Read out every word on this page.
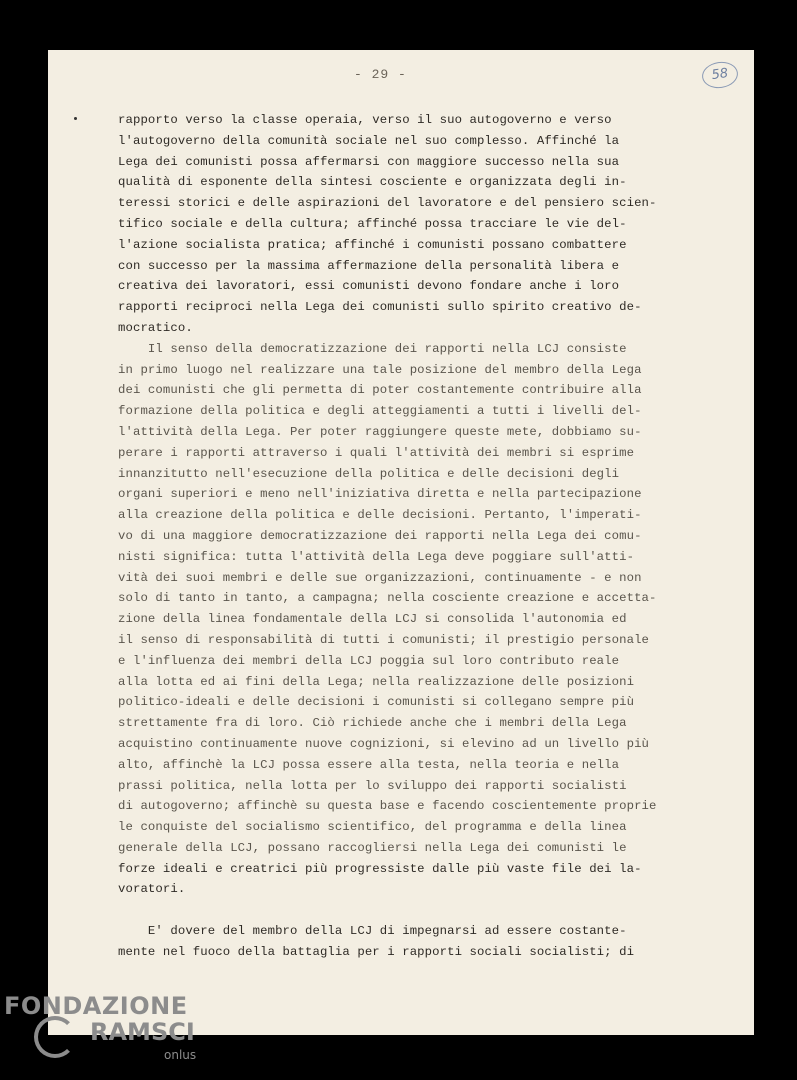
- 29 -	58
rapporto verso la classe operaia, verso il suo autogoverno e verso
l'autogoverno della comunità sociale nel suo complesso. Affinché la
Lega dei comunisti possa affermarsi con maggiore successo nella sua
qualità di esponente della sintesi cosciente e organizzata degli in-
teressi storici e delle aspirazioni del lavoratore e del pensiero scien-
tifico sociale e della cultura; affinché possa tracciare le vie del-
l'azione socialista pratica; affinché i comunisti possano combattere
con successo per la massima affermazione della personalità libera e
creativa dei lavoratori, essi comunisti devono fondare anche i loro
rapporti reciproci nella Lega dei comunisti sullo spirito creativo de-
mocratico.
Il senso della democratizzazione dei rapporti nella LCJ consiste
in primo luogo nel realizzare una tale posizione del membro della Lega
dei comunisti che gli permetta di poter costantemente contribuire alla
formazione della politica e degli atteggiamenti a tutti i livelli del-
l'attività della Lega. Per poter raggiungere queste mete, dobbiamo su-
perare i rapporti attraverso i quali l'attività dei membri si esprime
innanzitutto nell'esecuzione della politica e delle decisioni degli
organi superiori e meno nell'iniziativa diretta e nella partecipazione
alla creazione della politica e delle decisioni. Pertanto, l'imperati-
vo di una maggiore democratizzazione dei rapporti nella Lega dei comu-
nisti significa: tutta l'attività della Lega deve poggiare sull'atti-
vità dei suoi membri e delle sue organizzazioni, continuamente - e non
solo di tanto in tanto, a campagna; nella cosciente creazione e accetta-
zione della linea fondamentale della LCJ si consolida l'autonomia ed
il senso di responsabilità di tutti i comunisti; il prestigio personale
e l'influenza dei membri della LCJ poggia sul loro contributo reale
alla lotta ed ai fini della Lega; nella realizzazione delle posizioni
politico-ideali e delle decisioni i comunisti si collegano sempre più
strettamente fra di loro. Ciò richiede anche che i membri della Lega
acquistino continuamente nuove cognizioni, si elevino ad un livello più
alto, affinchè la LCJ possa essere alla testa, nella teoria e nella
prassi politica, nella lotta per lo sviluppo dei rapporti socialisti
di autogoverno; affinchè su questa base e facendo coscientemente proprie
le conquiste del socialismo scientifico, del programma e della linea
generale della LCJ, possano raccogliersi nella Lega dei comunisti le
forze ideali e creatrici più progressiste dalle più vaste file dei la-
voratori.
E' dovere del membro della LCJ di impegnarsi ad essere costante-
mente nel fuoco della battaglia per i rapporti sociali socialisti; di
FONDAZIONE
RAMSCI
onlus
